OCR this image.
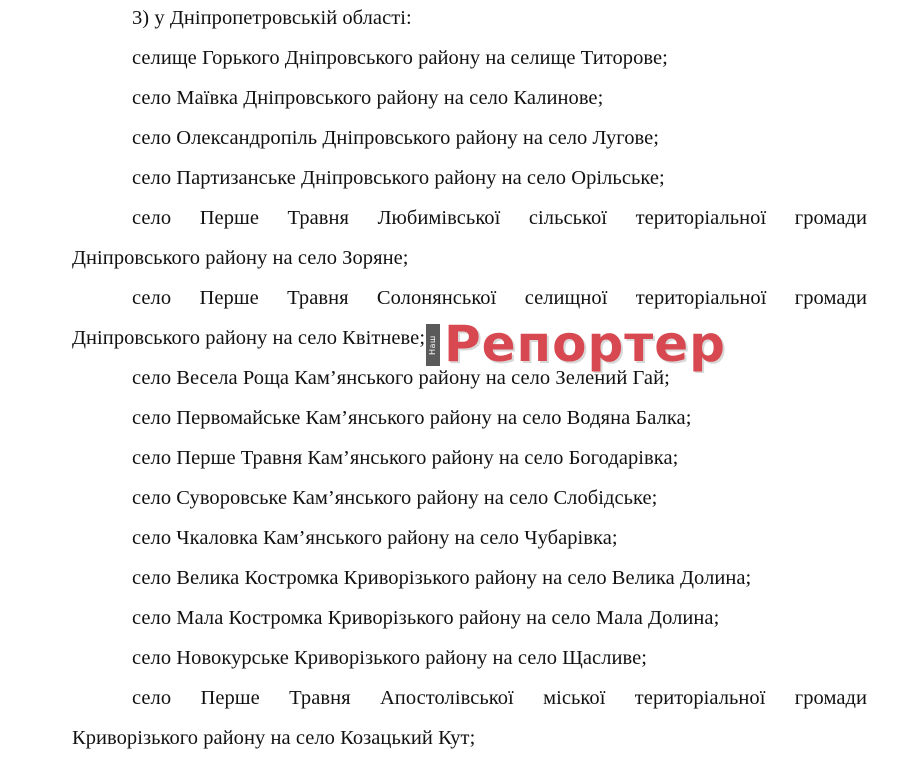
3) у Дніпропетровській області:

селище Горького Дніпровського району на селище Титорове;

село Маївка Дніпровського району на село Калинове;

село Олександропіль Дніпровського району на село Лугове;

село Партизанське Дніпровського району на село Орільське;

село Перше Травня Любимівської сільської територіальної громади
Дніпровського району на село Зоряне;
село Перше Травня Солонянської селищної територіальної громади
Дніпровського району на село Квітневе;

село Весела Роща Кам’янського району на село Зелений Гай;

село Первомайське Кам’янського району на село Водяна Балка;

село Перше Травня Кам’янського району на село Богодарівка;

село Суворовське Кам’янського району на село Слобідське;

село Чкаловка Кам’янського району на село Чубарівка;

село Велика Костромка Криворізького району на село Велика Долина;

село Мала Костромка Криворізького району на село Мала Долина;

село Новокурське Криворізького району на село Щасливе;

село Перше Травня Апостолівської міської територіальної громади
Криворізького району на село Козацький Кут;
Наш Репортер
